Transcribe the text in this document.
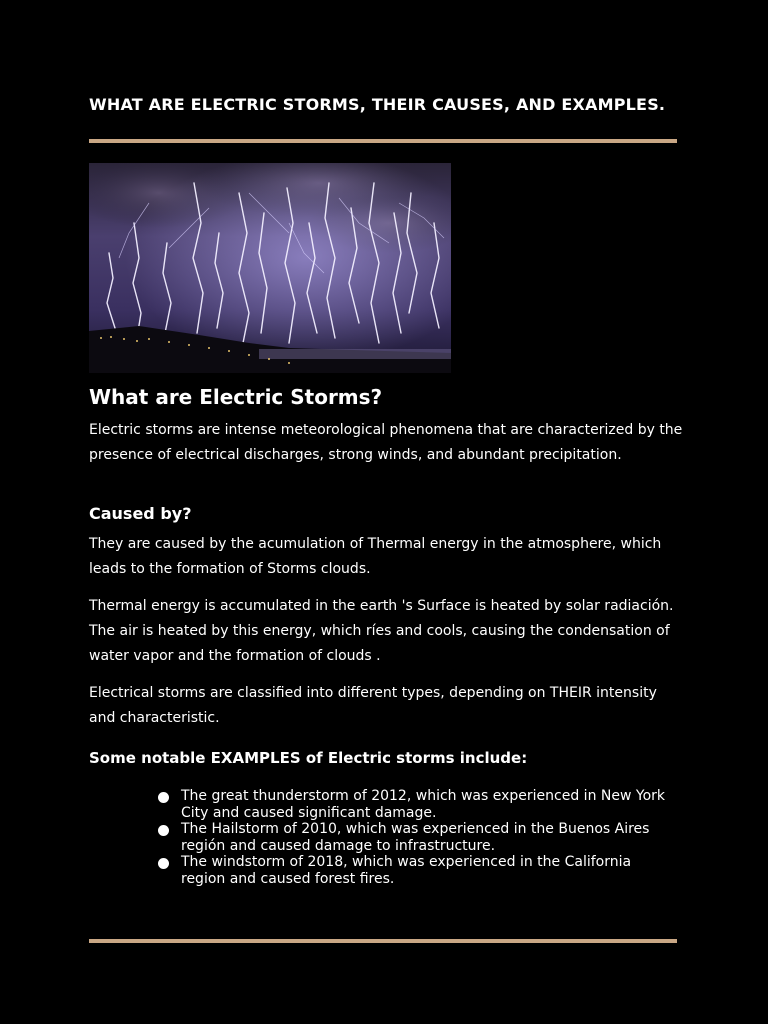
WHAT ARE ELECTRIC STORMS, THEIR CAUSES, AND EXAMPLES.
What are Electric Storms?

Electric storms are intense meteorological phenomena that are characterized by the presence of electrical discharges, strong winds, and abundant precipitation.

Caused by?

They are caused by the acumulation of Thermal energy in the atmosphere, which leads to the formation of Storms clouds.

Thermal energy is accumulated in the earth 's Surface is heated by solar radiación. The air is heated by this energy, which ríes and cools, causing the condensation of water vapor and the formation of clouds .

Electrical storms are classified into different types, depending on THEIR intensity and characteristic.

Some notable EXAMPLES of Electric storms include:
The great thunderstorm of 2012, which was experienced in New York City and caused significant damage.
The Hailstorm of 2010, which was experienced in the Buenos Aires región and caused damage to infrastructure.
The windstorm of 2018, which was experienced in the California region and caused forest fires.
